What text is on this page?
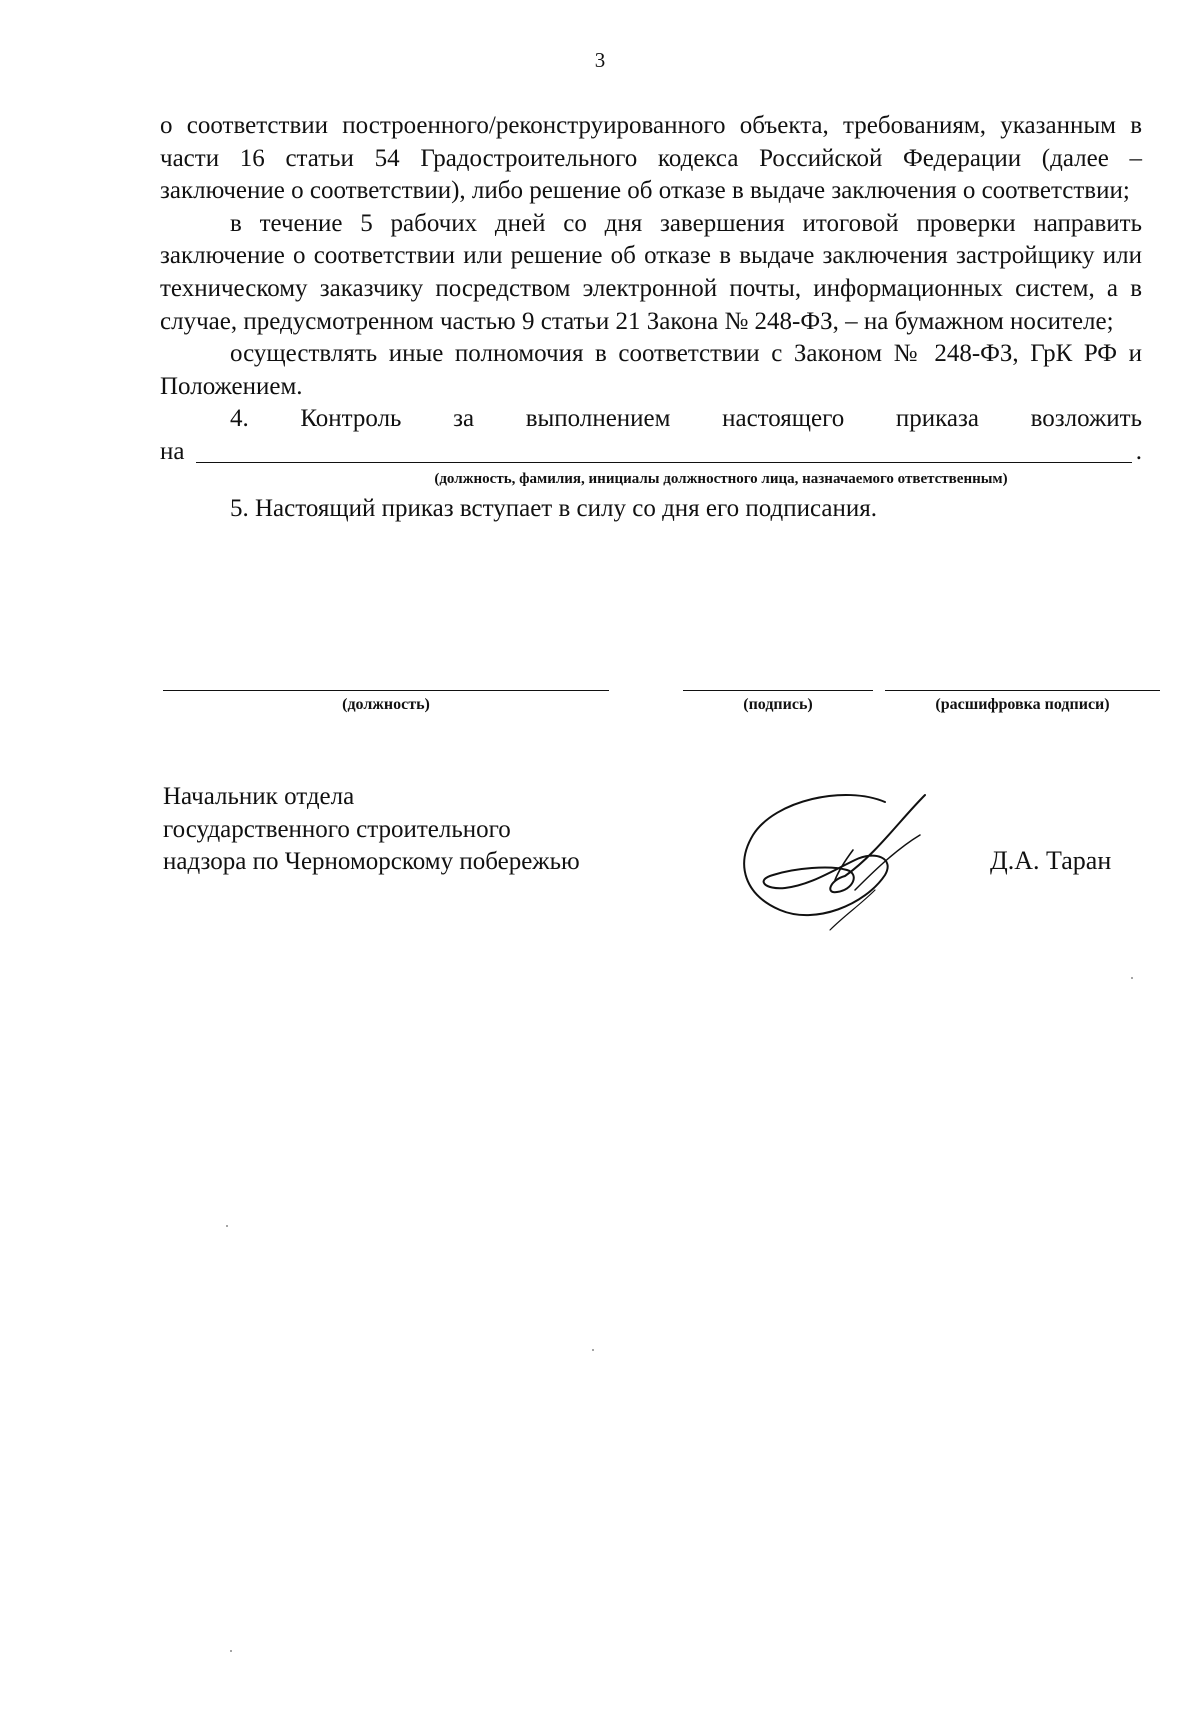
3

о соответствии построенного/реконструированного объекта, требованиям, указанным в части 16 статьи 54 Градостроительного кодекса Российской Федерации (далее – заключение о соответствии), либо решение об отказе в выдаче заключения о соответствии;

в течение 5 рабочих дней со дня завершения итоговой проверки направить заключение о соответствии или решение об отказе в выдаче заключения застройщику или техническому заказчику посредством электронной почты, информационных систем, а в случае, предусмотренном частью 9 статьи 21 Закона № 248-ФЗ, – на бумажном носителе;

осуществлять иные полномочия в соответствии с Законом № 248-ФЗ, ГрК РФ и Положением.

4. Контроль за выполнением настоящего приказа возложить
на	.
(должность, фамилия, инициалы должностного лица, назначаемого ответственным)

5. Настоящий приказ вступает в силу со дня его подписания.

(должность)	(подпись)	(расшифровка подписи)
Начальник отдела
государственного строительного
надзора по Черноморскому побережью	Д.А. Таран
